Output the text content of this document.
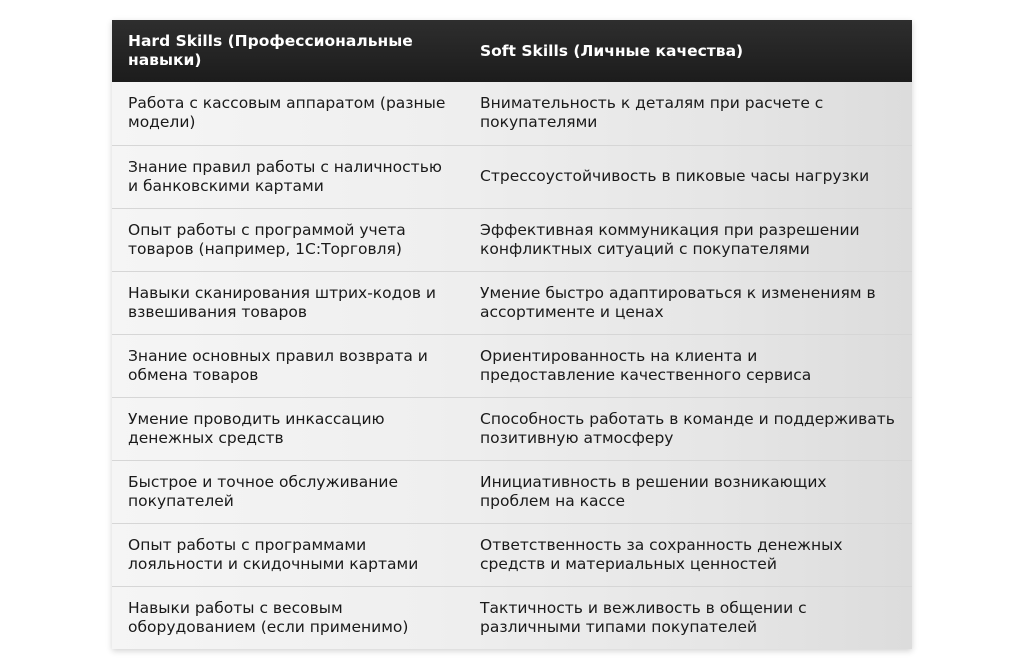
Hard Skills (Профессиональные навыки)	Soft Skills (Личные качества)
Работа с кассовым аппаратом (разные модели)	Внимательность к деталям при расчете с покупателями
Знание правил работы с наличностью и банковскими картами	Стрессоустойчивость в пиковые часы нагрузки
Опыт работы с программой учета товаров (например, 1С:Торговля)	Эффективная коммуникация при разрешении конфликтных ситуаций с покупателями
Навыки сканирования штрих-кодов и взвешивания товаров	Умение быстро адаптироваться к изменениям в ассортименте и ценах
Знание основных правил возврата и обмена товаров	Ориентированность на клиента и предоставление качественного сервиса
Умение проводить инкассацию денежных средств	Способность работать в команде и поддерживать позитивную атмосферу
Быстрое и точное обслуживание покупателей	Инициативность в решении возникающих проблем на кассе
Опыт работы с программами лояльности и скидочными картами	Ответственность за сохранность денежных средств и материальных ценностей
Навыки работы с весовым оборудованием (если применимо)	Тактичность и вежливость в общении с различными типами покупателей
